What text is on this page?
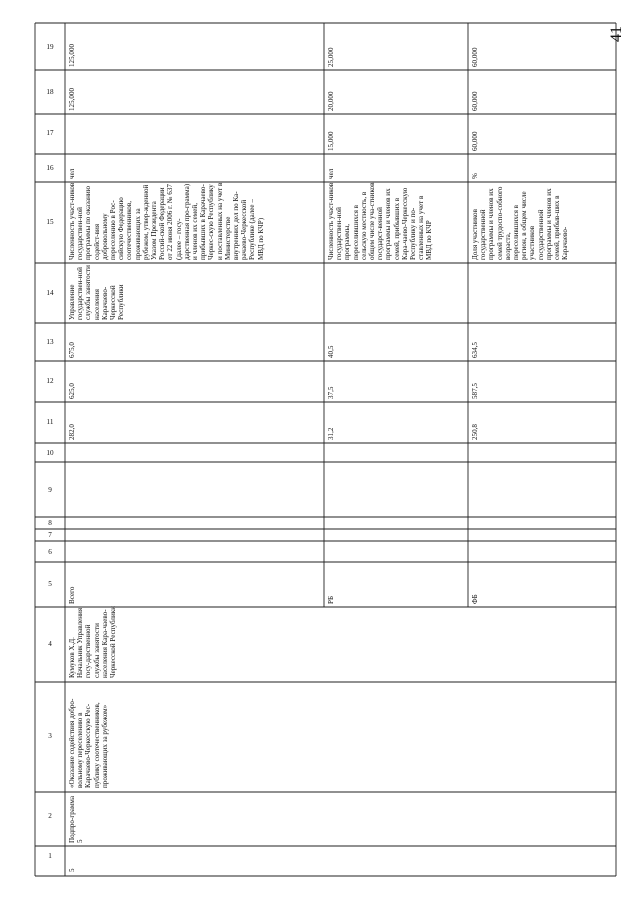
41
1
2
3
4
5
6
7
8
9
10
11
12
13
14
15
16
17
18
19
5
Подпро-грамма 5
«Оказание содействия добро-вольному переселению в Карачаево-Черкесскую Рес-публику соотечественников, проживающих за рубежом»
Кумуков Х.Д. Начальник Управления госу-дарственной службы занятости населения Кара-чаево-Черкесской Республики
Всего
282,0
625,0
675,0
Управление государствен-ной службы занятости населения Карачаево-Черкесской Республики
Численность участ-ников государствен-ной программы по оказанию содейст-вия добровольному переселению в Рос-сийскую Федерацию соотечественников, проживающих за рубежом, утвер-жденной Указом Президента Россий-ской Федерации от 22 июня 2006 г. № 637 (далее – госу-дарственная про-грамма) и членов их семей, прибывших в Карачаево-Черкес-скую Республику и поставленных на учет в Министерстве внутренних дел по Ка-рачаево-Черкесской Республике (далее – МВД по КЧР)
чел
125,000
125,000
РБ
31,2
37,5
40,5
Численность участ-ников государствен-ной программы, переселившихся в сельскую местность, в общем числе уча-стников государст-венной программы и членов их семей, прибывших в Кара-чаево-Черкесскую Республику и по-ставленных на учет в МВД по КЧР
чел
15,000
20,000
25,000
ФБ
250,8
587,5
634,5
Доля участников государственной программы и членов их семей трудоспо-собного возраста, переселившихся в регион, в общем числе участников государственной программы и членов их семей, прибыв-ших в Карачаево-
%
60,000
60,000
60,000
